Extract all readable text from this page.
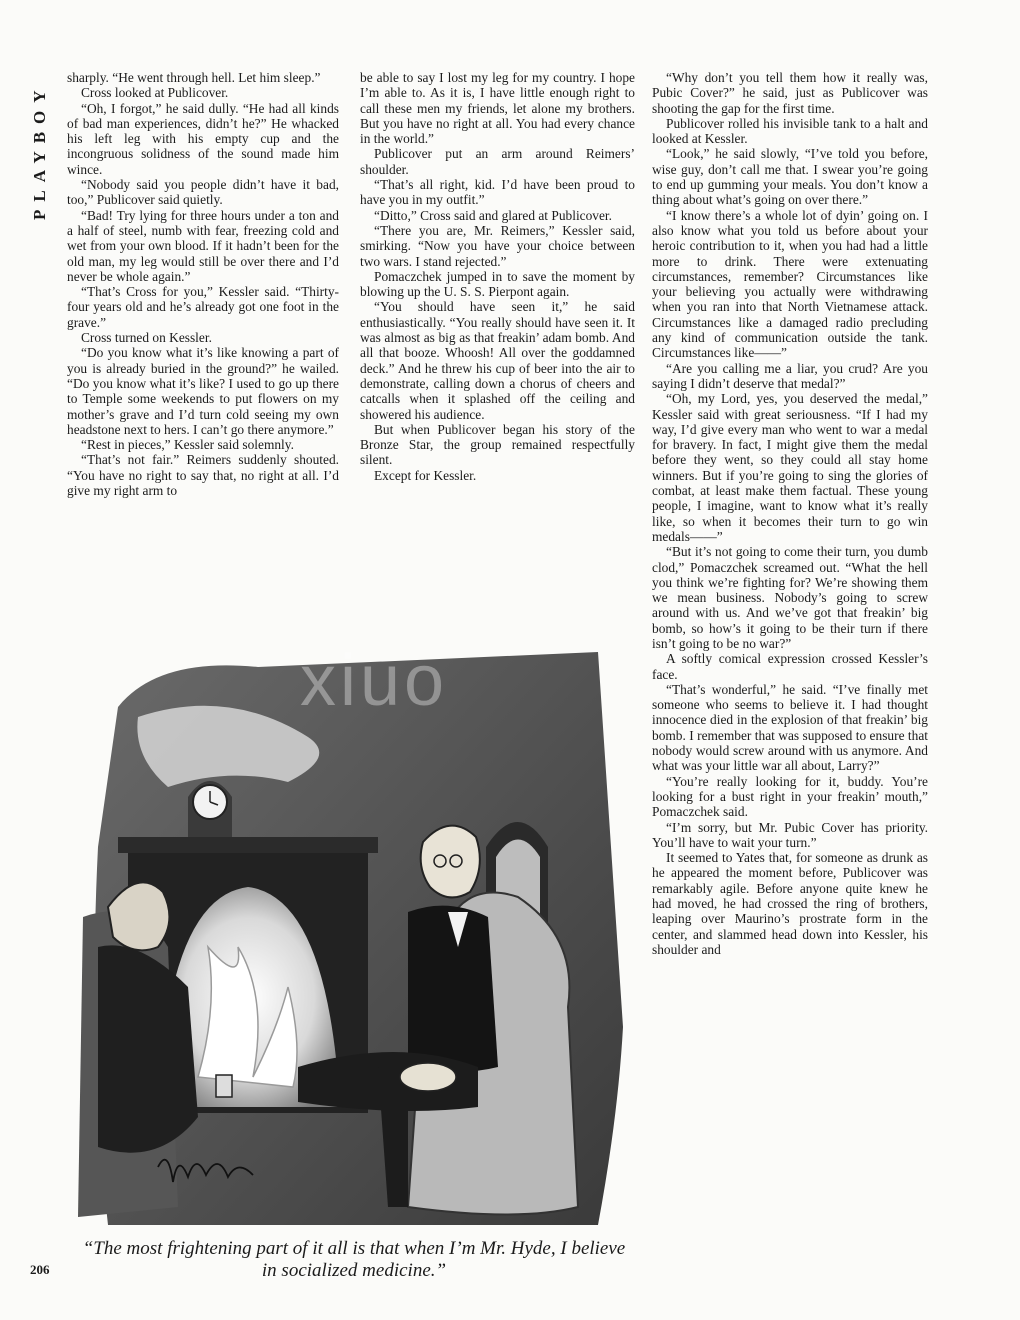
PLAYBOY

sharply. “He went through hell. Let him sleep.”

Cross looked at Publicover.

“Oh, I forgot,” he said dully. “He had all kinds of bad man experiences, didn’t he?” He whacked his left leg with his empty cup and the incongruous solidness of the sound made him wince.

“Nobody said you people didn’t have it bad, too,” Publicover said quietly.

“Bad! Try lying for three hours under a ton and a half of steel, numb with fear, freezing cold and wet from your own blood. If it hadn’t been for the old man, my leg would still be over there and I’d never be whole again.”

“That’s Cross for you,” Kessler said. “Thirty-four years old and he’s already got one foot in the grave.”

Cross turned on Kessler.

“Do you know what it’s like knowing a part of you is already buried in the ground?” he wailed. “Do you know what it’s like? I used to go up there to Temple some weekends to put flowers on my mother’s grave and I’d turn cold seeing my own headstone next to hers. I can’t go there anymore.”

“Rest in pieces,” Kessler said solemnly.

“That’s not fair.” Reimers suddenly shouted. “You have no right to say that, no right at all. I’d give my right arm to

be able to say I lost my leg for my country. I hope I’m able to. As it is, I have little enough right to call these men my friends, let alone my brothers. But you have no right at all. You had every chance in the world.”

Publicover put an arm around Reimers’ shoulder.

“That’s all right, kid. I’d have been proud to have you in my outfit.”

“Ditto,” Cross said and glared at Publicover.

“There you are, Mr. Reimers,” Kessler said, smirking. “Now you have your choice between two wars. I stand rejected.”

Pomaczchek jumped in to save the moment by blowing up the U. S. S. Pierpont again.

“You should have seen it,” he said enthusiastically. “You really should have seen it. It was almost as big as that freakin’ adam bomb. And all that booze. Whoosh! All over the goddamned deck.” And he threw his cup of beer into the air to demonstrate, calling down a chorus of cheers and catcalls when it splashed off the ceiling and showered his audience.

But when Publicover began his story of the Bronze Star, the group remained respectfully silent.

Except for Kessler.

“Why don’t you tell them how it really was, Pubic Cover?” he said, just as Publicover was shooting the gap for the first time.

Publicover rolled his invisible tank to a halt and looked at Kessler.

“Look,” he said slowly, “I’ve told you before, wise guy, don’t call me that. I swear you’re going to end up gumming your meals. You don’t know a thing about what’s going on over there.”

“I know there’s a whole lot of dyin’ going on. I also know what you told us before about your heroic contribution to it, when you had had a little more to drink. There were extenuating circumstances, remember? Circumstances like your believing you actually were withdrawing when you ran into that North Vietnamese attack. Circumstances like a damaged radio precluding any kind of communication outside the tank. Circumstances like——”

“Are you calling me a liar, you crud? Are you saying I didn’t deserve that medal?”

“Oh, my Lord, yes, you deserved the medal,” Kessler said with great seriousness. “If I had my way, I’d give every man who went to war a medal for bravery. In fact, I might give them the medal before they went, so they could all stay home winners. But if you’re going to sing the glories of combat, at least make them factual. These young people, I imagine, want to know what it’s really like, so when it becomes their turn to go win medals——”

“But it’s not going to come their turn, you dumb clod,” Pomaczchek screamed out. “What the hell you think we’re fighting for? We’re showing them we mean business. Nobody’s going to screw around with us. And we’ve got that freakin’ big bomb, so how’s it going to be their turn if there isn’t going to be no war?”

A softly comical expression crossed Kessler’s face.

“That’s wonderful,” he said. “I’ve finally met someone who seems to believe it. I had thought innocence died in the explosion of that freakin’ big bomb. I remember that was supposed to ensure that nobody would screw around with us anymore. And what was your little war all about, Larry?”

“You’re really looking for it, buddy. You’re looking for a bust right in your freakin’ mouth,” Pomaczchek said.

“I’m sorry, but Mr. Pubic Cover has priority. You’ll have to wait your turn.”

It seemed to Yates that, for someone as drunk as he appeared the moment before, Publicover was remarkably agile. Before anyone quite knew he had moved, he had crossed the ring of brothers, leaping over Maurino’s prostrate form in the center, and slammed head down into Kessler, his shoulder and

xiuo
“The most frightening part of it all is that when I’m Mr. Hyde, I believe in socialized medicine.”
206
